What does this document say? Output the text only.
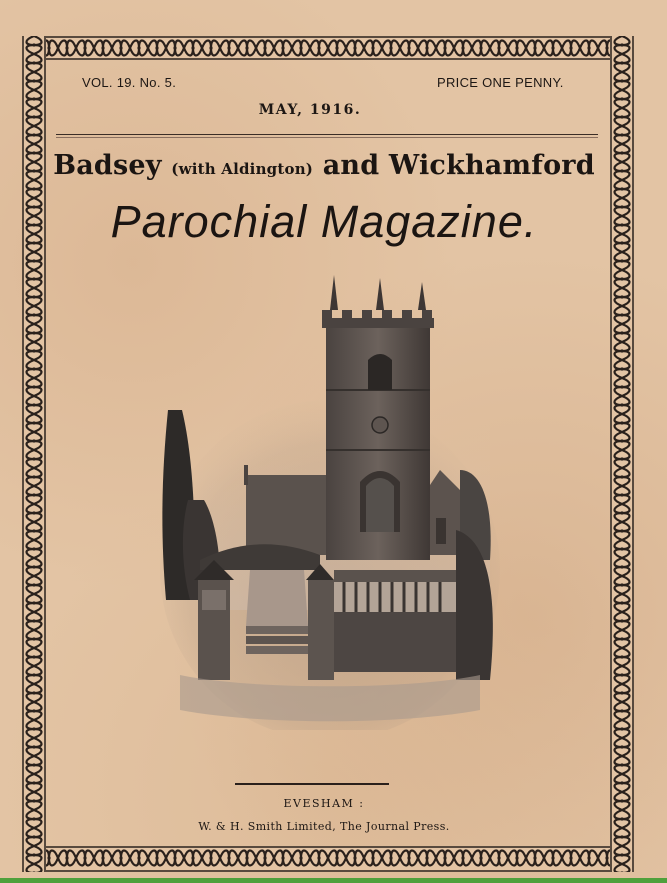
VOL. 19. No. 5.	PRICE ONE PENNY.
MAY, 1916.
Badsey (with Aldington) and Wickhamford
Parochial Magazine.
EVESHAM :
W. & H. Smith Limited, The Journal Press.
